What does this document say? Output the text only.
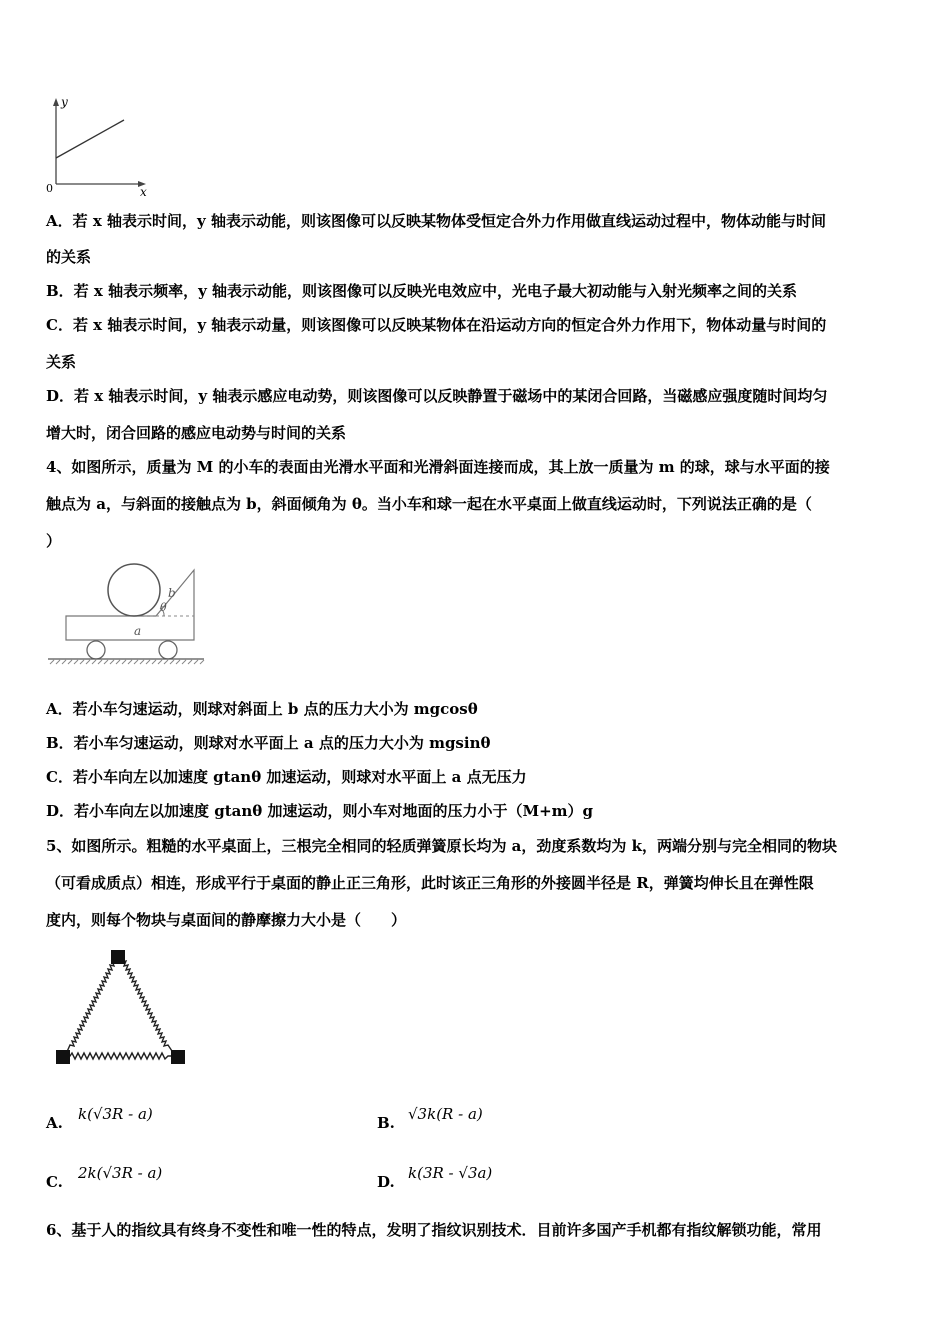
y
x
0
A．若 x 轴表示时间，y 轴表示动能，则该图像可以反映某物体受恒定合外力作用做直线运动过程中，物体动能与时间
的关系
B．若 x 轴表示频率，y 轴表示动能，则该图像可以反映光电效应中，光电子最大初动能与入射光频率之间的关系
C．若 x 轴表示时间，y 轴表示动量，则该图像可以反映某物体在沿运动方向的恒定合外力作用下，物体动量与时间的
关系
D．若 x 轴表示时间，y 轴表示感应电动势，则该图像可以反映静置于磁场中的某闭合回路，当磁感应强度随时间均匀
增大时，闭合回路的感应电动势与时间的关系
4、如图所示，质量为 M 的小车的表面由光滑水平面和光滑斜面连接而成，其上放一质量为 m 的球，球与水平面的接
触点为 a，与斜面的接触点为 b，斜面倾角为 θ。当小车和球一起在水平桌面上做直线运动时，下列说法正确的是（
）
b
θ
a
A．若小车匀速运动，则球对斜面上 b 点的压力大小为 mgcosθ
B．若小车匀速运动，则球对水平面上 a 点的压力大小为 mgsinθ
C．若小车向左以加速度 gtanθ 加速运动，则球对水平面上 a 点无压力
D．若小车向左以加速度 gtanθ 加速运动，则小车对地面的压力小于（M+m）g
5、如图所示。粗糙的水平桌面上，三根完全相同的轻质弹簧原长均为 a，劲度系数均为 k，两端分别与完全相同的物块
（可看成质点）相连，形成平行于桌面的静止正三角形，此时该正三角形的外接圆半径是 R，弹簧均伸长且在弹性限
度内，则每个物块与桌面间的静摩擦力大小是（　　）
A. k(√3R - a)	B. √3k(R - a)
C. 2k(√3R - a)	D. k(3R - √3a)
6、基于人的指纹具有终身不变性和唯一性的特点，发明了指纹识别技术．目前许多国产手机都有指纹解锁功能，常用
